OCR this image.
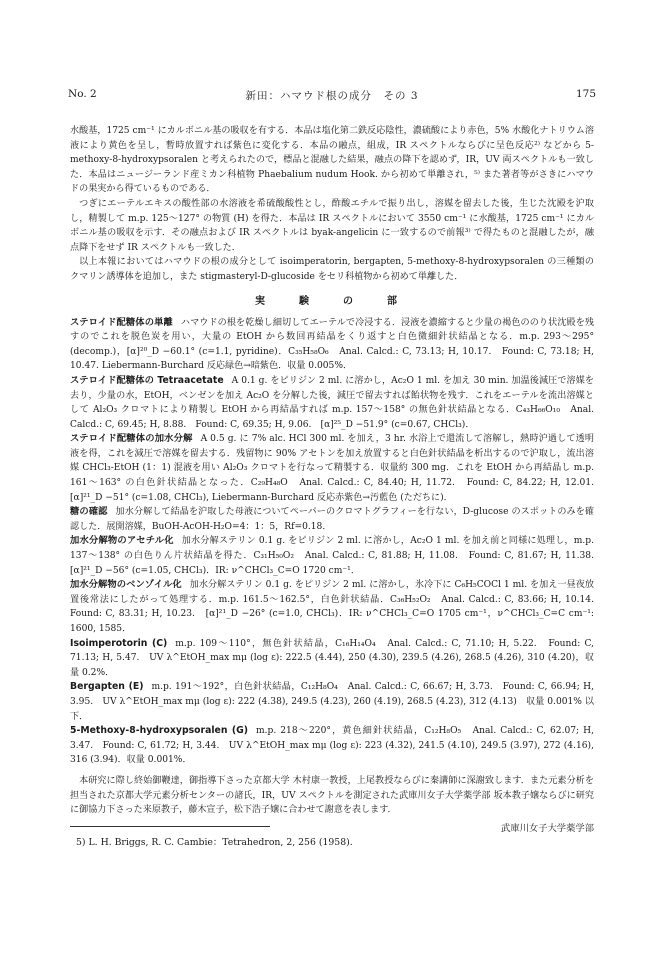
No. 2	新田：ハマウド根の成分　その 3	175

水酸基，1725 cm⁻¹ にカルボニル基の吸収を有する．本品は塩化第二鉄反応陰性，濃硫酸により赤色，5% 水酸化ナトリウム溶液により黄色を呈し，暫時放置すれば紫色に変化する．本品の融点，組成，IR スペクトルならびに呈色反応²⁾ などから 5-methoxy-8-hydroxypsoralen と考えられたので，標品と混融した結果，融点の降下を認めず，IR，UV 両スペクトルも一致した．本品はニュージーランド産ミカン科植物 Phaebalium nudum Hook. から初めて単離され，⁵⁾ また著者等がさきにハマウドの果実から得ているものである．

つぎにエーテルエキスの酸性部の水溶液を希硫酸酸性とし，酢酸エチルで振り出し，溶媒を留去した後，生じた沈殿を沪取し，精製して m.p. 125〜127° の物質 (H) を得た．本品は IR スペクトルにおいて 3550 cm⁻¹ に水酸基，1725 cm⁻¹ にカルボニル基の吸収を示す．その融点および IR スペクトルは byak-angelicin に一致するので前報³⁾ で得たものと混融したが，融点降下をせず IR スペクトルも一致した．

以上本報においてはハマウドの根の成分として isoimperatorin, bergapten, 5-methoxy-8-hydroxypsoralen の三種類のクマリン誘導体を追加し，また stigmasteryl-D-glucoside をセリ科植物から初めて単離した．

実　験　の　部

ステロイド配糖体の単離 ハマウドの根を乾燥し細切してエーテルで冷浸する．浸液を濃縮すると少量の褐色ののり状沈殿を残すのでこれを脱色炭を用い，大量の EtOH から数回再結晶をくり返すと白色微細針状結晶となる．m.p. 293〜295°(decomp.)，[α]²⁰_D −60.1° (c=1.1, pyridine)．C₃₅H₅₈O₆　Anal. Calcd.: C, 73.13; H, 10.17.　Found: C, 73.18; H, 10.47. Liebermann-Burchard 反応緑色→暗紫色．収量 0.005%．

ステロイド配糖体の Tetraacetate A 0.1 g. をピリジン 2 ml. に溶かし，Ac₂O 1 ml. を加え 30 min. 加温後減圧で溶媒を去り，少量の水，EtOH，ベンゼンを加え Ac₂O を分解した後，減圧で留去すれば飴状物を残す．これをエーテルを流出溶媒として Al₂O₃ クロマトにより精製し EtOH から再結晶すれば m.p. 157〜158° の無色針状結晶となる．C₄₃H₆₆O₁₀　Anal. Calcd.: C, 69.45; H, 8.88.　Found: C, 69.35; H, 9.06.　[α]²⁵_D −51.9° (c=0.67, CHCl₃)．

ステロイド配糖体の加水分解 A 0.5 g. に 7% alc. HCl 300 ml. を加え，3 hr. 水浴上で還流して溶解し，熱時沪過して透明液を得，これを減圧で溶媒を留去する．残留物に 90% アセトンを加え放置すると白色針状結晶を析出するので沪取し，流出溶媒 CHCl₃-EtOH (1：1) 混液を用い Al₂O₃ クロマトを行なって精製する．収量約 300 mg．これを EtOH から再結晶し m.p. 161〜163° の白色針状結晶となった．C₂₉H₄₈O　Anal. Calcd.: C, 84.40; H, 11.72.　Found: C, 84.22; H, 12.01.　[α]²¹_D −51° (c=1.08, CHCl₃), Liebermann-Burchard 反応赤紫色→汚藍色 (ただちに)．

糖の確認 加水分解して結晶を沪取した母液についてペーパーのクロマトグラフィーを行ない，D-glucose のスポットのみを確認した．展開溶媒，BuOH-AcOH-H₂O=4：1：5，Rf=0.18．

加水分解物のアセチル化 加水分解ステリン 0.1 g. をピリジン 2 ml. に溶かし，Ac₂O 1 ml. を加え前と同様に処理し，m.p. 137〜138° の白色りん片状結晶を得た．C₃₁H₅₀O₂　Anal. Calcd.: C, 81.88; H, 11.08.　Found: C, 81.67; H, 11.38.　[α]²¹_D −56° (c=1.05, CHCl₃)．IR: ν^CHCl₃_C=O 1720 cm⁻¹．

加水分解物のベンゾイル化 加水分解ステリン 0.1 g. をピリジン 2 ml. に溶かし，氷冷下に C₆H₅COCl 1 ml. を加え一昼夜放置後常法にしたがって処理する．m.p. 161.5〜162.5°，白色針状結晶．C₃₆H₅₂O₂　Anal. Calcd.: C, 83.66; H, 10.14.　Found: C, 83.31; H, 10.23.　[α]²¹_D −26° (c=1.0, CHCl₃)．IR: ν^CHCl₃_C=O 1705 cm⁻¹，ν^CHCl₃_C=C cm⁻¹: 1600, 1585．

Isoimperotorin (C) m.p. 109〜110°，無色針状結晶，C₁₆H₁₄O₄　Anal. Calcd.: C, 71.10; H, 5.22.　Found: C, 71.13; H, 5.47.　UV λ^EtOH_max mμ (log ε): 222.5 (4.44), 250 (4.30), 239.5 (4.26), 268.5 (4.26), 310 (4.20)，収量 0.2%．

Bergapten (E) m.p. 191〜192°，白色針状結晶，C₁₂H₈O₄　Anal. Calcd.: C, 66.67; H, 3.73.　Found: C, 66.94; H, 3.95.　UV λ^EtOH_max mμ (log ε): 222 (4.38), 249.5 (4.23), 260 (4.19), 268.5 (4.23), 312 (4.13)　収量 0.001% 以下．

5-Methoxy-8-hydroxypsoralen (G) m.p. 218〜220°，黄色細針状結晶，C₁₂H₈O₅　Anal. Calcd.: C, 62.07; H, 3.47.　Found: C, 61.72; H, 3.44.　UV λ^EtOH_max mμ (log ε): 223 (4.32), 241.5 (4.10), 249.5 (3.97), 272 (4.16), 316 (3.94)．収量 0.001%．

本研究に際し終始御鞭達，御指導下さった京都大学 木村康一教授，上尾教授ならびに秦講師に深謝致します．また元素分析を担当された京都大学元素分析センターの諸氏，IR，UV スペクトルを測定された武庫川女子大学薬学部 坂本教子嬢ならびに研究に御協力下さった来原教子，藤木宣子，松下浩子嬢に合わせて謝意を表します．

武庫川女子大学薬学部
5) L. H. Briggs, R. C. Cambie：Tetrahedron, 2, 256 (1958).
